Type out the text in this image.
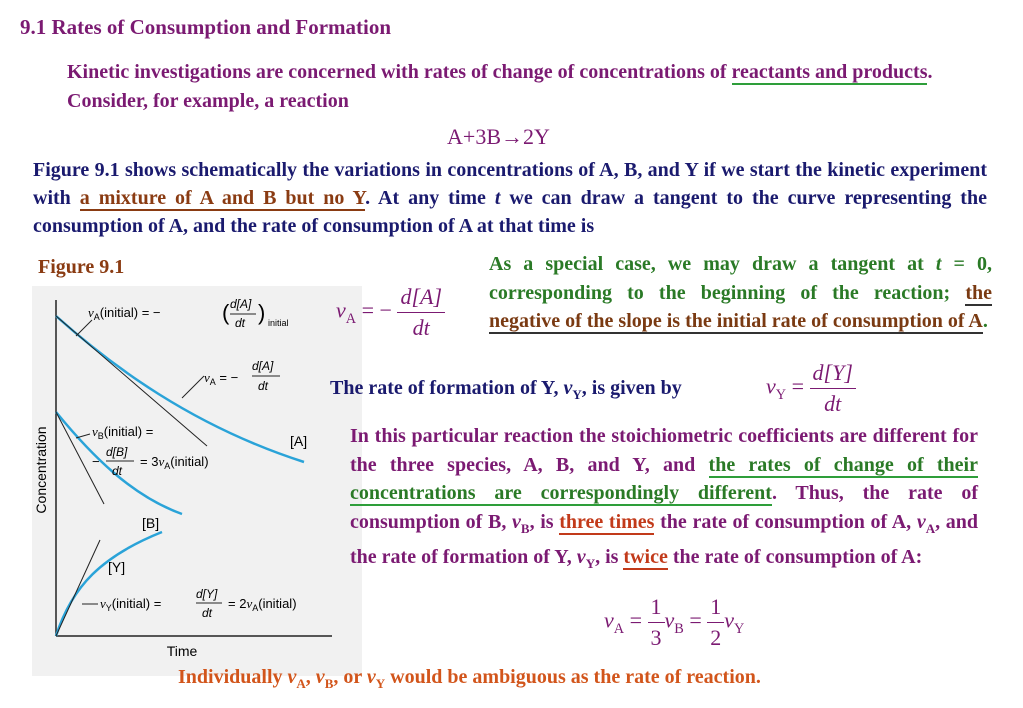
9.1 Rates of Consumption and Formation
Kinetic investigations are concerned with rates of change of concentrations of reactants and products. Consider, for example, a reaction
A+3B→2Y
Figure 9.1 shows schematically the variations in concentrations of A, B, and Y if we start the kinetic experiment with a mixture of A and B but no Y. At any time t we can draw a tangent to the curve representing the consumption of A, and the rate of consumption of A at that time is
Figure 9.1
Concentration
Time
[A]
[B]
[Y]
$v_A(initial)$ = −	( d[A]
dt ) initial
$v_A$ = −
d[A]
dt
$v_B(initial)$ =
−
d[B]
dt
= $3v_A(initial)$
$v_Y(initial)$ =
d[Y]
dt
= $2v_A(initial)$
$v_A$ = − $\frac{d[A]}{dt}$
As a special case, we may draw a tangent at t = 0, corresponding to the beginning of the reaction; the negative of the slope is the initial rate of consumption of A.
The rate of formation of Y, $v_Y$, is given by	$v_Y = \frac{d[Y]}{dt}$
In this particular reaction the stoichiometric coefficients are different for the three species, A, B, and Y, and the rates of change of their concentrations are correspondingly different. Thus, the rate of consumption of B, $v_B$, is three times the rate of consumption of A, $v_A$, and the rate of formation of Y, $v_Y$, is twice the rate of consumption of A:
$v_A = \frac{1}{3} v_B = \frac{1}{2} v_Y$
Individually $v_A$, $v_B$, or $v_Y$ would be ambiguous as the rate of reaction.
